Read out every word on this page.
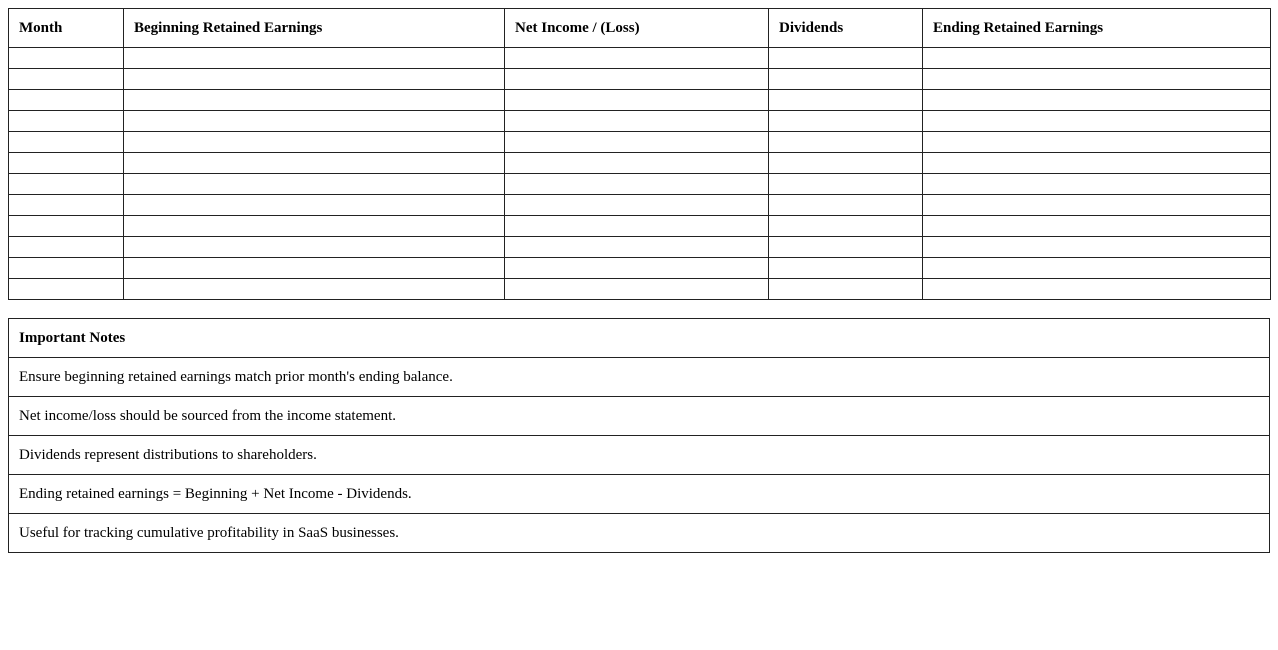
Month	Beginning Retained Earnings	Net Income / (Loss)	Dividends	Ending Retained Earnings

Important Notes
Ensure beginning retained earnings match prior month's ending balance.
Net income/loss should be sourced from the income statement.
Dividends represent distributions to shareholders.
Ending retained earnings = Beginning + Net Income - Dividends.
Useful for tracking cumulative profitability in SaaS businesses.
